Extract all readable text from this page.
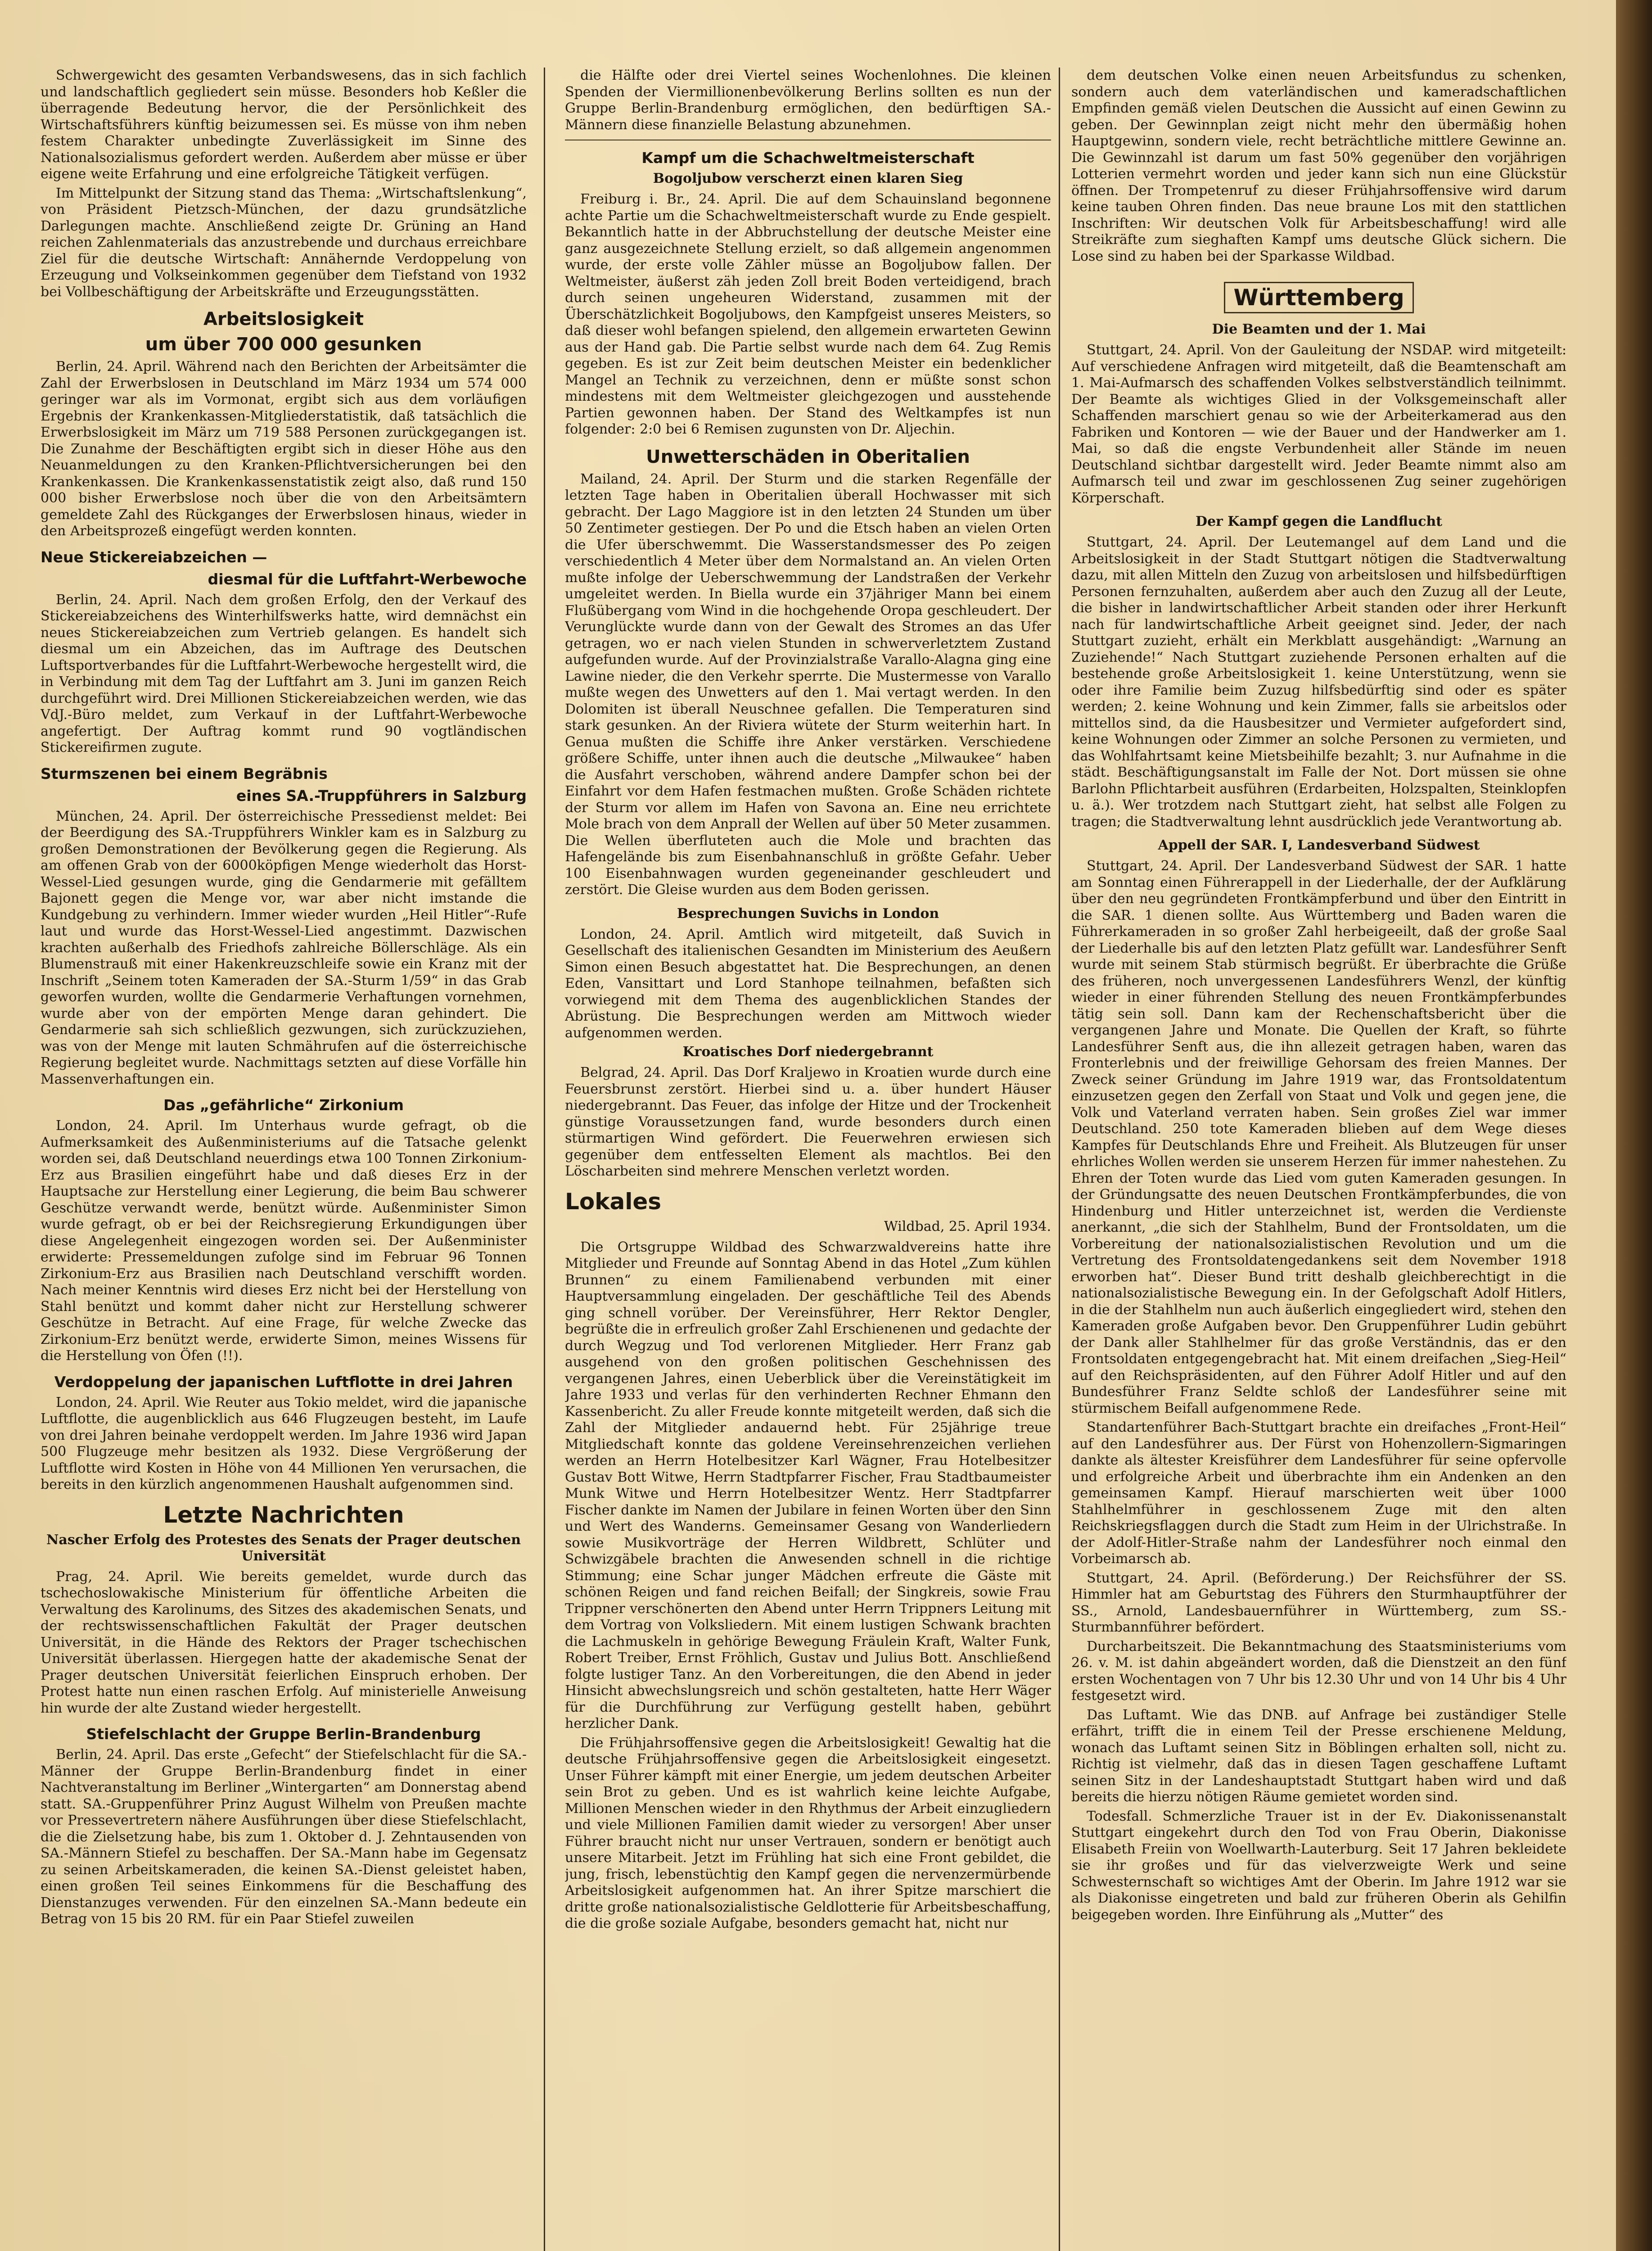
Schwergewicht des gesamten Verbandswesens, das in sich fachlich und landschaftlich gegliedert sein müsse. Besonders hob Keßler die überragende Bedeutung hervor, die der Persönlichkeit des Wirtschaftsführers künftig beizumessen sei. Es müsse von ihm neben festem Charakter unbedingte Zuverlässigkeit im Sinne des Nationalsozialismus gefordert werden. Außerdem aber müsse er über eigene weite Erfahrung und eine erfolgreiche Tätigkeit verfügen.

Im Mittelpunkt der Sitzung stand das Thema: „Wirtschaftslenkung“, von Präsident Pietzsch-München, der dazu grundsätzliche Darlegungen machte. Anschließend zeigte Dr. Grüning an Hand reichen Zahlenmaterials das anzustrebende und durchaus erreichbare Ziel für die deutsche Wirtschaft: Annähernde Verdoppelung von Erzeugung und Volkseinkommen gegenüber dem Tiefstand von 1932 bei Vollbeschäftigung der Arbeitskräfte und Erzeugungsstätten.

Arbeitslosigkeit
um über 700 000 gesunken

Berlin, 24. April. Während nach den Berichten der Arbeitsämter die Zahl der Erwerbslosen in Deutschland im März 1934 um 574 000 geringer war als im Vormonat, ergibt sich aus dem vorläufigen Ergebnis der Krankenkassen-Mitgliederstatistik, daß tatsächlich die Erwerbslosigkeit im März um 719 588 Personen zurückgegangen ist. Die Zunahme der Beschäftigten ergibt sich in dieser Höhe aus den Neuanmeldungen zu den Kranken-Pflichtversicherungen bei den Krankenkassen. Die Krankenkassenstatistik zeigt also, daß rund 150 000 bisher Erwerbslose noch über die von den Arbeitsämtern gemeldete Zahl des Rückganges der Erwerbslosen hinaus, wieder in den Arbeitsprozeß eingefügt werden konnten.

Neue Stickereiabzeichen —
diesmal für die Luftfahrt-Werbewoche

Berlin, 24. April. Nach dem großen Erfolg, den der Verkauf des Stickereiabzeichens des Winterhilfswerks hatte, wird demnächst ein neues Stickereiabzeichen zum Vertrieb gelangen. Es handelt sich diesmal um ein Abzeichen, das im Auftrage des Deutschen Luftsportverbandes für die Luftfahrt-Werbewoche hergestellt wird, die in Verbindung mit dem Tag der Luftfahrt am 3. Juni im ganzen Reich durchgeführt wird. Drei Millionen Stickereiabzeichen werden, wie das VdJ.-Büro meldet, zum Verkauf in der Luftfahrt-Werbewoche angefertigt. Der Auftrag kommt rund 90 vogtländischen Stickereifirmen zugute.

Sturmszenen bei einem Begräbnis
eines SA.-Truppführers in Salzburg

München, 24. April. Der österreichische Pressedienst meldet: Bei der Beerdigung des SA.-Truppführers Winkler kam es in Salzburg zu großen Demonstrationen der Bevölkerung gegen die Regierung. Als am offenen Grab von der 6000köpfigen Menge wiederholt das Horst-Wessel-Lied gesungen wurde, ging die Gendarmerie mit gefälltem Bajonett gegen die Menge vor, war aber nicht imstande die Kundgebung zu verhindern. Immer wieder wurden „Heil Hitler“-Rufe laut und wurde das Horst-Wessel-Lied angestimmt. Dazwischen krachten außerhalb des Friedhofs zahlreiche Böllerschläge. Als ein Blumenstrauß mit einer Hakenkreuzschleife sowie ein Kranz mit der Inschrift „Seinem toten Kameraden der SA.-Sturm 1/59“ in das Grab geworfen wurden, wollte die Gendarmerie Verhaftungen vornehmen, wurde aber von der empörten Menge daran gehindert. Die Gendarmerie sah sich schließlich gezwungen, sich zurückzuziehen, was von der Menge mit lauten Schmährufen auf die österreichische Regierung begleitet wurde. Nachmittags setzten auf diese Vorfälle hin Massenverhaftungen ein.

Das „gefährliche“ Zirkonium

London, 24. April. Im Unterhaus wurde gefragt, ob die Aufmerksamkeit des Außenministeriums auf die Tatsache gelenkt worden sei, daß Deutschland neuerdings etwa 100 Tonnen Zirkonium-Erz aus Brasilien eingeführt habe und daß dieses Erz in der Hauptsache zur Herstellung einer Legierung, die beim Bau schwerer Geschütze verwandt werde, benützt würde. Außenminister Simon wurde gefragt, ob er bei der Reichsregierung Erkundigungen über diese Angelegenheit eingezogen worden sei. Der Außenminister erwiderte: Pressemeldungen zufolge sind im Februar 96 Tonnen Zirkonium-Erz aus Brasilien nach Deutschland verschifft worden. Nach meiner Kenntnis wird dieses Erz nicht bei der Herstellung von Stahl benützt und kommt daher nicht zur Herstellung schwerer Geschütze in Betracht. Auf eine Frage, für welche Zwecke das Zirkonium-Erz benützt werde, erwiderte Simon, meines Wissens für die Herstellung von Öfen (!!).

Verdoppelung der japanischen Luftflotte in drei Jahren

London, 24. April. Wie Reuter aus Tokio meldet, wird die japanische Luftflotte, die augenblicklich aus 646 Flugzeugen besteht, im Laufe von drei Jahren beinahe verdoppelt werden. Im Jahre 1936 wird Japan 500 Flugzeuge mehr besitzen als 1932. Diese Vergrößerung der Luftflotte wird Kosten in Höhe von 44 Millionen Yen verursachen, die bereits in den kürzlich angenommenen Haushalt aufgenommen sind.

Letzte Nachrichten
Nascher Erfolg des Protestes des Senats der Prager deutschen Universität

Prag, 24. April. Wie bereits gemeldet, wurde durch das tschechoslowakische Ministerium für öffentliche Arbeiten die Verwaltung des Karolinums, des Sitzes des akademischen Senats, und der rechtswissenschaftlichen Fakultät der Prager deutschen Universität, in die Hände des Rektors der Prager tschechischen Universität überlassen. Hiergegen hatte der akademische Senat der Prager deutschen Universität feierlichen Einspruch erhoben. Der Protest hatte nun einen raschen Erfolg. Auf ministerielle Anweisung hin wurde der alte Zustand wieder hergestellt.

Stiefelschlacht der Gruppe Berlin-Brandenburg

Berlin, 24. April. Das erste „Gefecht“ der Stiefelschlacht für die SA.-Männer der Gruppe Berlin-Brandenburg findet in einer Nachtveranstaltung im Berliner „Wintergarten“ am Donnerstag abend statt. SA.-Gruppenführer Prinz August Wilhelm von Preußen machte vor Pressevertretern nähere Ausführungen über diese Stiefelschlacht, die die Zielsetzung habe, bis zum 1. Oktober d. J. Zehntausenden von SA.-Männern Stiefel zu beschaffen. Der SA.-Mann habe im Gegensatz zu seinen Arbeitskameraden, die keinen SA.-Dienst geleistet haben, einen großen Teil seines Einkommens für die Beschaffung des Dienstanzuges verwenden. Für den einzelnen SA.-Mann bedeute ein Betrag von 15 bis 20 RM. für ein Paar Stiefel zuweilen

die Hälfte oder drei Viertel seines Wochenlohnes. Die kleinen Spenden der Viermillionenbevölkerung Berlins sollten es nun der Gruppe Berlin-Brandenburg ermöglichen, den bedürftigen SA.-Männern diese finanzielle Belastung abzunehmen.

Kampf um die Schachweltmeisterschaft
Bogoljubow verscherzt einen klaren Sieg

Freiburg i. Br., 24. April. Die auf dem Schauinsland begonnene achte Partie um die Schachweltmeisterschaft wurde zu Ende gespielt. Bekanntlich hatte in der Abbruchstellung der deutsche Meister eine ganz ausgezeichnete Stellung erzielt, so daß allgemein angenommen wurde, der erste volle Zähler müsse an Bogoljubow fallen. Der Weltmeister, äußerst zäh jeden Zoll breit Boden verteidigend, brach durch seinen ungeheuren Widerstand, zusammen mit der Überschätzlichkeit Bogoljubows, den Kampfgeist unseres Meisters, so daß dieser wohl befangen spielend, den allgemein erwarteten Gewinn aus der Hand gab. Die Partie selbst wurde nach dem 64. Zug Remis gegeben. Es ist zur Zeit beim deutschen Meister ein bedenklicher Mangel an Technik zu verzeichnen, denn er müßte sonst schon mindestens mit dem Weltmeister gleichgezogen und ausstehende Partien gewonnen haben. Der Stand des Weltkampfes ist nun folgender: 2:0 bei 6 Remisen zugunsten von Dr. Aljechin.

Unwetterschäden in Oberitalien

Mailand, 24. April. Der Sturm und die starken Regenfälle der letzten Tage haben in Oberitalien überall Hochwasser mit sich gebracht. Der Lago Maggiore ist in den letzten 24 Stunden um über 50 Zentimeter gestiegen. Der Po und die Etsch haben an vielen Orten die Ufer überschwemmt. Die Wasserstandsmesser des Po zeigen verschiedentlich 4 Meter über dem Normalstand an. An vielen Orten mußte infolge der Ueberschwemmung der Landstraßen der Verkehr umgeleitet werden. In Biella wurde ein 37jähriger Mann bei einem Flußübergang vom Wind in die hochgehende Oropa geschleudert. Der Verunglückte wurde dann von der Gewalt des Stromes an das Ufer getragen, wo er nach vielen Stunden in schwerverletztem Zustand aufgefunden wurde. Auf der Provinzialstraße Varallo-Alagna ging eine Lawine nieder, die den Verkehr sperrte. Die Mustermesse von Varallo mußte wegen des Unwetters auf den 1. Mai vertagt werden. In den Dolomiten ist überall Neuschnee gefallen. Die Temperaturen sind stark gesunken. An der Riviera wütete der Sturm weiterhin hart. In Genua mußten die Schiffe ihre Anker verstärken. Verschiedene größere Schiffe, unter ihnen auch die deutsche „Milwaukee“ haben die Ausfahrt verschoben, während andere Dampfer schon bei der Einfahrt vor dem Hafen festmachen mußten. Große Schäden richtete der Sturm vor allem im Hafen von Savona an. Eine neu errichtete Mole brach von dem Anprall der Wellen auf über 50 Meter zusammen. Die Wellen überfluteten auch die Mole und brachten das Hafengelände bis zum Eisenbahnanschluß in größte Gefahr. Ueber 100 Eisenbahnwagen wurden gegeneinander geschleudert und zerstört. Die Gleise wurden aus dem Boden gerissen.

Besprechungen Suvichs in London

London, 24. April. Amtlich wird mitgeteilt, daß Suvich in Gesellschaft des italienischen Gesandten im Ministerium des Aeußern Simon einen Besuch abgestattet hat. Die Besprechungen, an denen Eden, Vansittart und Lord Stanhope teilnahmen, befaßten sich vorwiegend mit dem Thema des augenblicklichen Standes der Abrüstung. Die Besprechungen werden am Mittwoch wieder aufgenommen werden.

Kroatisches Dorf niedergebrannt

Belgrad, 24. April. Das Dorf Kraljewo in Kroatien wurde durch eine Feuersbrunst zerstört. Hierbei sind u. a. über hundert Häuser niedergebrannt. Das Feuer, das infolge der Hitze und der Trockenheit günstige Voraussetzungen fand, wurde besonders durch einen stürmartigen Wind gefördert. Die Feuerwehren erwiesen sich gegenüber dem entfesselten Element als machtlos. Bei den Löscharbeiten sind mehrere Menschen verletzt worden.

Lokales
Wildbad, 25. April 1934.

Die Ortsgruppe Wildbad des Schwarzwaldvereins hatte ihre Mitglieder und Freunde auf Sonntag Abend in das Hotel „Zum kühlen Brunnen“ zu einem Familienabend verbunden mit einer Hauptversammlung eingeladen. Der geschäftliche Teil des Abends ging schnell vorüber. Der Vereinsführer, Herr Rektor Dengler, begrüßte die in erfreulich großer Zahl Erschienenen und gedachte der durch Wegzug und Tod verlorenen Mitglieder. Herr Franz gab ausgehend von den großen politischen Geschehnissen des vergangenen Jahres, einen Ueberblick über die Vereinstätigkeit im Jahre 1933 und verlas für den verhinderten Rechner Ehmann den Kassenbericht. Zu aller Freude konnte mitgeteilt werden, daß sich die Zahl der Mitglieder andauernd hebt. Für 25jährige treue Mitgliedschaft konnte das goldene Vereinsehrenzeichen verliehen werden an Herrn Hotelbesitzer Karl Wägner, Frau Hotelbesitzer Gustav Bott Witwe, Herrn Stadtpfarrer Fischer, Frau Stadtbaumeister Munk Witwe und Herrn Hotelbesitzer Wentz. Herr Stadtpfarrer Fischer dankte im Namen der Jubilare in feinen Worten über den Sinn und Wert des Wanderns. Gemeinsamer Gesang von Wanderliedern sowie Musikvorträge der Herren Wildbrett, Schlüter und Schwizgäbele brachten die Anwesenden schnell in die richtige Stimmung; eine Schar junger Mädchen erfreute die Gäste mit schönen Reigen und fand reichen Beifall; der Singkreis, sowie Frau Trippner verschönerten den Abend unter Herrn Trippners Leitung mit dem Vortrag von Volksliedern. Mit einem lustigen Schwank brachten die Lachmuskeln in gehörige Bewegung Fräulein Kraft, Walter Funk, Robert Treiber, Ernst Fröhlich, Gustav und Julius Bott. Anschließend folgte lustiger Tanz. An den Vorbereitungen, die den Abend in jeder Hinsicht abwechslungsreich und schön gestalteten, hatte Herr Wäger für die Durchführung zur Verfügung gestellt haben, gebührt herzlicher Dank.

Die Frühjahrsoffensive gegen die Arbeitslosigkeit! Gewaltig hat die deutsche Frühjahrsoffensive gegen die Arbeitslosigkeit eingesetzt. Unser Führer kämpft mit einer Energie, um jedem deutschen Arbeiter sein Brot zu geben. Und es ist wahrlich keine leichte Aufgabe, Millionen Menschen wieder in den Rhythmus der Arbeit einzugliedern und viele Millionen Familien damit wieder zu versorgen! Aber unser Führer braucht nicht nur unser Vertrauen, sondern er benötigt auch unsere Mitarbeit. Jetzt im Frühling hat sich eine Front gebildet, die jung, frisch, lebenstüchtig den Kampf gegen die nervenzermürbende Arbeitslosigkeit aufgenommen hat. An ihrer Spitze marschiert die dritte große nationalsozialistische Geldlotterie für Arbeitsbeschaffung, die die große soziale Aufgabe, besonders gemacht hat, nicht nur

dem deutschen Volke einen neuen Arbeitsfundus zu schenken, sondern auch dem vaterländischen und kameradschaftlichen Empfinden gemäß vielen Deutschen die Aussicht auf einen Gewinn zu geben. Der Gewinnplan zeigt nicht mehr den übermäßig hohen Hauptgewinn, sondern viele, recht beträchtliche mittlere Gewinne an. Die Gewinnzahl ist darum um fast 50% gegenüber den vorjährigen Lotterien vermehrt worden und jeder kann sich nun eine Glückstür öffnen. Der Trompetenruf zu dieser Frühjahrsoffensive wird darum keine tauben Ohren finden. Das neue braune Los mit den stattlichen Inschriften: Wir deutschen Volk für Arbeitsbeschaffung! wird alle Streikräfte zum sieghaften Kampf ums deutsche Glück sichern. Die Lose sind zu haben bei der Sparkasse Wildbad.

Württemberg
Die Beamten und der 1. Mai

Stuttgart, 24. April. Von der Gauleitung der NSDAP. wird mitgeteilt: Auf verschiedene Anfragen wird mitgeteilt, daß die Beamtenschaft am 1. Mai-Aufmarsch des schaffenden Volkes selbstverständlich teilnimmt. Der Beamte als wichtiges Glied in der Volksgemeinschaft aller Schaffenden marschiert genau so wie der Arbeiterkamerad aus den Fabriken und Kontoren — wie der Bauer und der Handwerker am 1. Mai, so daß die engste Verbundenheit aller Stände im neuen Deutschland sichtbar dargestellt wird. Jeder Beamte nimmt also am Aufmarsch teil und zwar im geschlossenen Zug seiner zugehörigen Körperschaft.

Der Kampf gegen die Landflucht

Stuttgart, 24. April. Der Leutemangel auf dem Land und die Arbeitslosigkeit in der Stadt Stuttgart nötigen die Stadtverwaltung dazu, mit allen Mitteln den Zuzug von arbeitslosen und hilfsbedürftigen Personen fernzuhalten, außerdem aber auch den Zuzug all der Leute, die bisher in landwirtschaftlicher Arbeit standen oder ihrer Herkunft nach für landwirtschaftliche Arbeit geeignet sind. Jeder, der nach Stuttgart zuzieht, erhält ein Merkblatt ausgehändigt: „Warnung an Zuziehende!“ Nach Stuttgart zuziehende Personen erhalten auf die bestehende große Arbeitslosigkeit 1. keine Unterstützung, wenn sie oder ihre Familie beim Zuzug hilfsbedürftig sind oder es später werden; 2. keine Wohnung und kein Zimmer, falls sie arbeitslos oder mittellos sind, da die Hausbesitzer und Vermieter aufgefordert sind, keine Wohnungen oder Zimmer an solche Personen zu vermieten, und das Wohlfahrtsamt keine Mietsbeihilfe bezahlt; 3. nur Aufnahme in die städt. Beschäftigungsanstalt im Falle der Not. Dort müssen sie ohne Barlohn Pflichtarbeit ausführen (Erdarbeiten, Holzspalten, Steinklopfen u. ä.). Wer trotzdem nach Stuttgart zieht, hat selbst alle Folgen zu tragen; die Stadtverwaltung lehnt ausdrücklich jede Verantwortung ab.

Appell der SAR. I, Landesverband Südwest

Stuttgart, 24. April. Der Landesverband Südwest der SAR. 1 hatte am Sonntag einen Führerappell in der Liederhalle, der der Aufklärung über den neu gegründeten Frontkämpferbund und über den Eintritt in die SAR. 1 dienen sollte. Aus Württemberg und Baden waren die Führerkameraden in so großer Zahl herbeigeeilt, daß der große Saal der Liederhalle bis auf den letzten Platz gefüllt war. Landesführer Senft wurde mit seinem Stab stürmisch begrüßt. Er überbrachte die Grüße des früheren, noch unvergessenen Landesführers Wenzl, der künftig wieder in einer führenden Stellung des neuen Frontkämpferbundes tätig sein soll. Dann kam der Rechenschaftsbericht über die vergangenen Jahre und Monate. Die Quellen der Kraft, so führte Landesführer Senft aus, die ihn allezeit getragen haben, waren das Fronterlebnis und der freiwillige Gehorsam des freien Mannes. Der Zweck seiner Gründung im Jahre 1919 war, das Frontsoldatentum einzusetzen gegen den Zerfall von Staat und Volk und gegen jene, die Volk und Vaterland verraten haben. Sein großes Ziel war immer Deutschland. 250 tote Kameraden blieben auf dem Wege dieses Kampfes für Deutschlands Ehre und Freiheit. Als Blutzeugen für unser ehrliches Wollen werden sie unserem Herzen für immer nahestehen. Zu Ehren der Toten wurde das Lied vom guten Kameraden gesungen. In der Gründungsatte des neuen Deutschen Frontkämpferbundes, die von Hindenburg und Hitler unterzeichnet ist, werden die Verdienste anerkannt, „die sich der Stahlhelm, Bund der Frontsoldaten, um die Vorbereitung der nationalsozialistischen Revolution und um die Vertretung des Frontsoldatengedankens seit dem November 1918 erworben hat“. Dieser Bund tritt deshalb gleichberechtigt in die nationalsozialistische Bewegung ein. In der Gefolgschaft Adolf Hitlers, in die der Stahlhelm nun auch äußerlich eingegliedert wird, stehen den Kameraden große Aufgaben bevor. Den Gruppenführer Ludin gebührt der Dank aller Stahlhelmer für das große Verständnis, das er den Frontsoldaten entgegengebracht hat. Mit einem dreifachen „Sieg-Heil“ auf den Reichspräsidenten, auf den Führer Adolf Hitler und auf den Bundesführer Franz Seldte schloß der Landesführer seine mit stürmischem Beifall aufgenommene Rede.

Standartenführer Bach-Stuttgart brachte ein dreifaches „Front-Heil“ auf den Landesführer aus. Der Fürst von Hohenzollern-Sigmaringen dankte als ältester Kreisführer dem Landesführer für seine opfervolle und erfolgreiche Arbeit und überbrachte ihm ein Andenken an den gemeinsamen Kampf. Hierauf marschierten weit über 1000 Stahlhelmführer in geschlossenem Zuge mit den alten Reichskriegsflaggen durch die Stadt zum Heim in der Ulrichstraße. In der Adolf-Hitler-Straße nahm der Landesführer noch einmal den Vorbeimarsch ab.

Stuttgart, 24. April. (Beförderung.) Der Reichsführer der SS. Himmler hat am Geburtstag des Führers den Sturmhauptführer der SS., Arnold, Landesbauernführer in Württemberg, zum SS.-Sturmbannführer befördert.

Durcharbeitszeit. Die Bekanntmachung des Staatsministeriums vom 26. v. M. ist dahin abgeändert worden, daß die Dienstzeit an den fünf ersten Wochentagen von 7 Uhr bis 12.30 Uhr und von 14 Uhr bis 4 Uhr festgesetzt wird.

Das Luftamt. Wie das DNB. auf Anfrage bei zuständiger Stelle erfährt, trifft die in einem Teil der Presse erschienene Meldung, wonach das Luftamt seinen Sitz in Böblingen erhalten soll, nicht zu. Richtig ist vielmehr, daß das in diesen Tagen geschaffene Luftamt seinen Sitz in der Landeshauptstadt Stuttgart haben wird und daß bereits die hierzu nötigen Räume gemietet worden sind.

Todesfall. Schmerzliche Trauer ist in der Ev. Diakonissenanstalt Stuttgart eingekehrt durch den Tod von Frau Oberin, Diakonisse Elisabeth Freiin von Woellwarth-Lauterburg. Seit 17 Jahren bekleidete sie ihr großes und für das vielverzweigte Werk und seine Schwesternschaft so wichtiges Amt der Oberin. Im Jahre 1912 war sie als Diakonisse eingetreten und bald zur früheren Oberin als Gehilfin beigegeben worden. Ihre Einführung als „Mutter“ des
